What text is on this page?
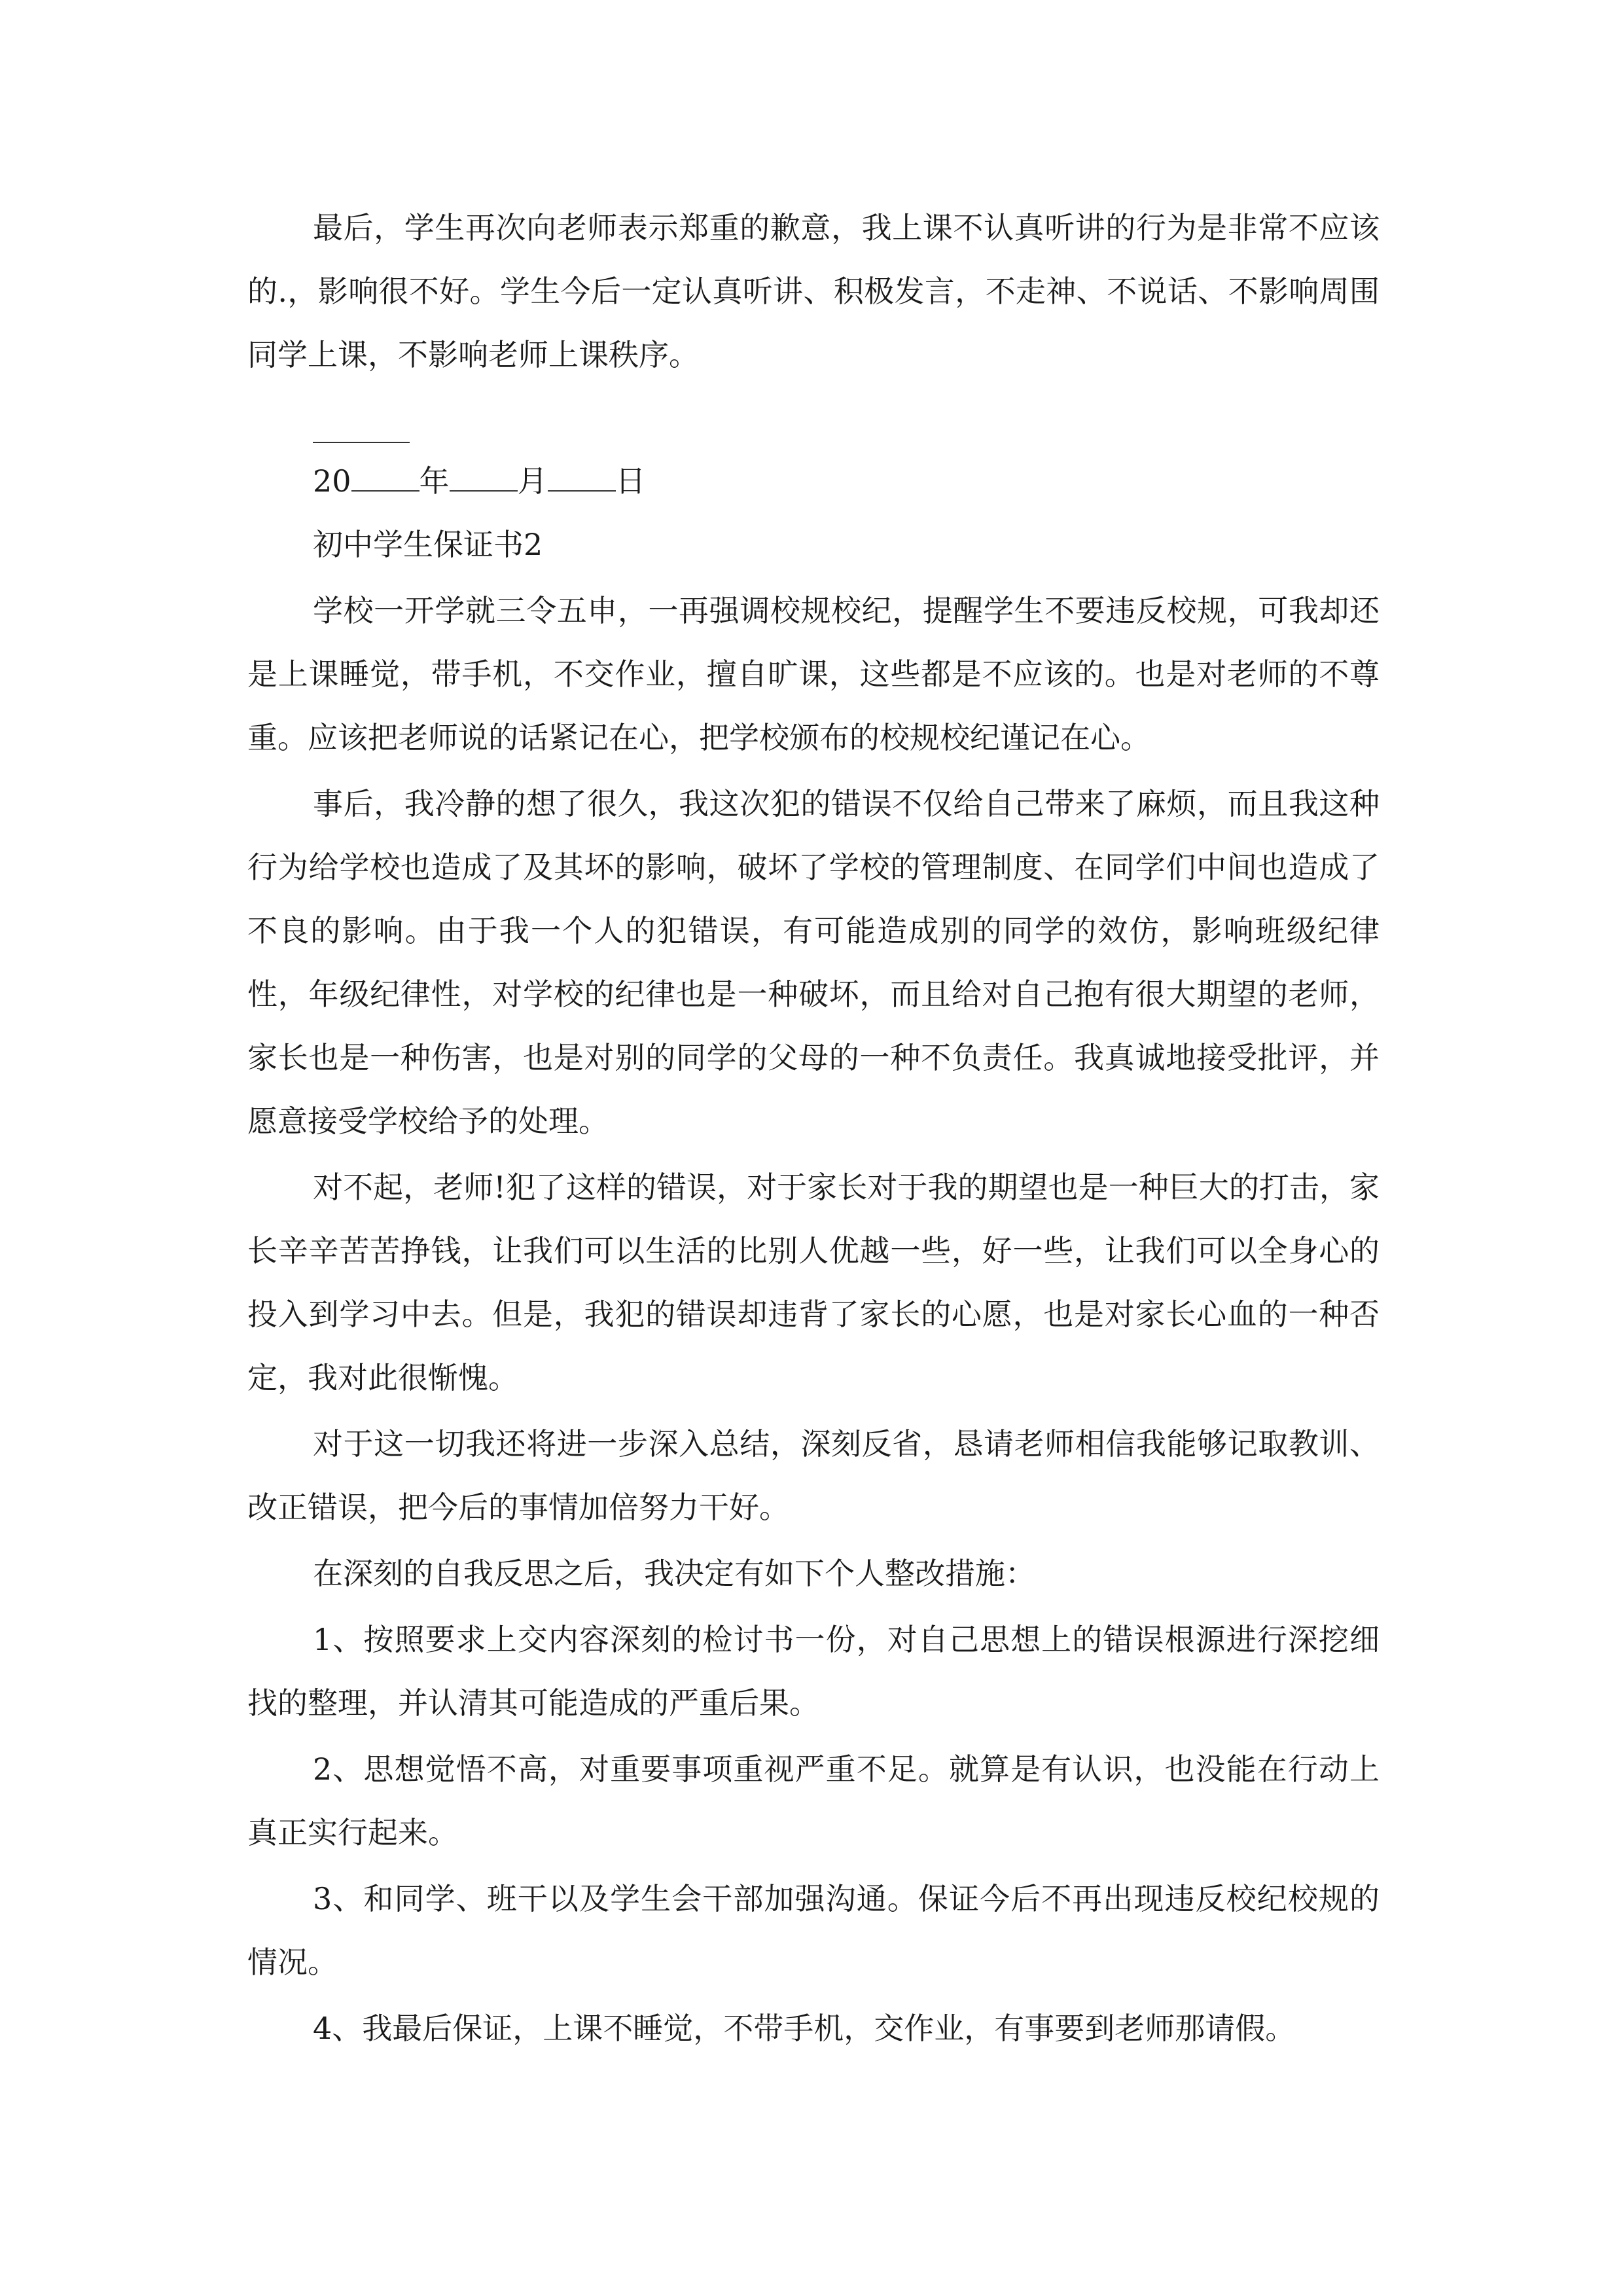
最后，学生再次向老师表示郑重的歉意，我上课不认真听讲的行为是非常不应该的.，影响很不好。学生今后一定认真听讲、积极发言，不走神、不说话、不影响周围同学上课，不影响老师上课秩序。

20 年 月 日

初中学生保证书2

学校一开学就三令五申，一再强调校规校纪，提醒学生不要违反校规，可我却还是上课睡觉，带手机，不交作业，擅自旷课，这些都是不应该的。也是对老师的不尊重。应该把老师说的话紧记在心，把学校颁布的校规校纪谨记在心。

事后，我冷静的想了很久，我这次犯的错误不仅给自己带来了麻烦，而且我这种行为给学校也造成了及其坏的影响，破坏了学校的管理制度、在同学们中间也造成了不良的影响。由于我一个人的犯错误，有可能造成别的同学的效仿，影响班级纪律性，年级纪律性，对学校的纪律也是一种破坏，而且给对自己抱有很大期望的老师，家长也是一种伤害，也是对别的同学的父母的一种不负责任。我真诚地接受批评，并愿意接受学校给予的处理。

对不起，老师!犯了这样的错误，对于家长对于我的期望也是一种巨大的打击，家长辛辛苦苦挣钱，让我们可以生活的比别人优越一些，好一些，让我们可以全身心的投入到学习中去。但是，我犯的错误却违背了家长的心愿，也是对家长心血的一种否定，我对此很惭愧。

对于这一切我还将进一步深入总结，深刻反省，恳请老师相信我能够记取教训、改正错误，把今后的事情加倍努力干好。

在深刻的自我反思之后，我决定有如下个人整改措施：

1、按照要求上交内容深刻的检讨书一份，对自己思想上的错误根源进行深挖细找的整理，并认清其可能造成的严重后果。

2、思想觉悟不高，对重要事项重视严重不足。就算是有认识，也没能在行动上真正实行起来。

3、和同学、班干以及学生会干部加强沟通。保证今后不再出现违反校纪校规的情况。

4、我最后保证，上课不睡觉，不带手机，交作业，有事要到老师那请假。
